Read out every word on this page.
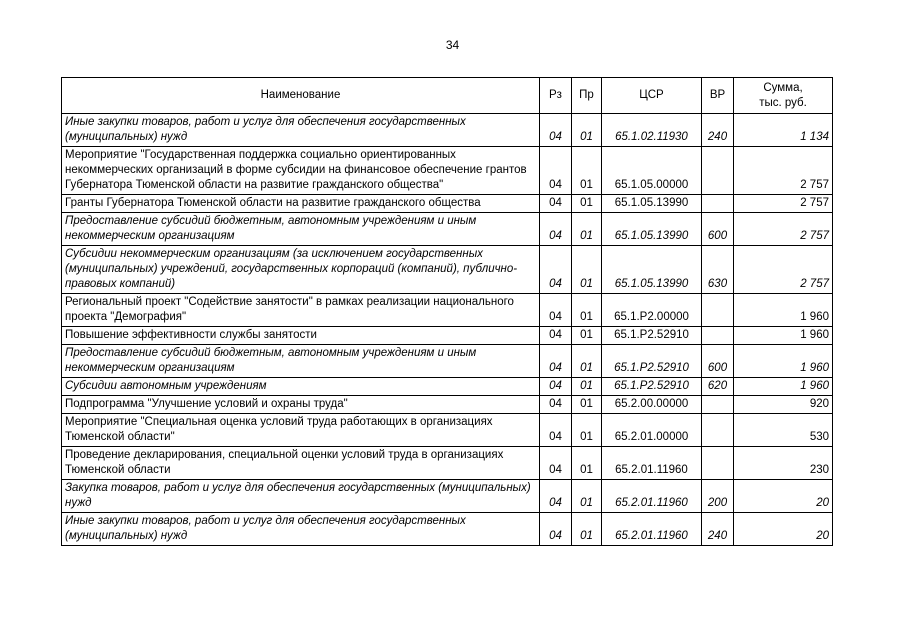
34
Наименование	Рз	Пр	ЦСР	ВР	Сумма,
тыс. руб.

Иные закупки товаров, работ и услуг для обеспечения государственных (муниципальных) нужд	04	01	65.1.02.11930	240	1 134
Мероприятие "Государственная поддержка социально ориентированных некоммерческих организаций в форме субсидии на финансовое обеспечение грантов Губернатора Тюменской области на развитие гражданского общества"	04	01	65.1.05.00000		2 757
Гранты Губернатора Тюменской области на развитие гражданского общества	04	01	65.1.05.13990		2 757
Предоставление субсидий бюджетным, автономным учреждениям и иным некоммерческим организациям	04	01	65.1.05.13990	600	2 757
Субсидии некоммерческим организациям (за исключением государственных (муниципальных) учреждений, государственных корпораций (компаний), публично-правовых компаний)	04	01	65.1.05.13990	630	2 757
Региональный проект "Содействие занятости" в рамках реализации национального проекта "Демография"	04	01	65.1.P2.00000		1 960
Повышение эффективности службы занятости	04	01	65.1.P2.52910		1 960
Предоставление субсидий бюджетным, автономным учреждениям и иным некоммерческим организациям	04	01	65.1.P2.52910	600	1 960
Субсидии автономным учреждениям	04	01	65.1.P2.52910	620	1 960
Подпрограмма "Улучшение условий и охраны труда"	04	01	65.2.00.00000		920
Мероприятие "Специальная оценка условий труда работающих в организациях Тюменской области"	04	01	65.2.01.00000		530
Проведение декларирования, специальной оценки условий труда в организациях Тюменской области	04	01	65.2.01.11960		230
Закупка товаров, работ и услуг для обеспечения государственных (муниципальных) нужд	04	01	65.2.01.11960	200	20
Иные закупки товаров, работ и услуг для обеспечения государственных (муниципальных) нужд	04	01	65.2.01.11960	240	20
